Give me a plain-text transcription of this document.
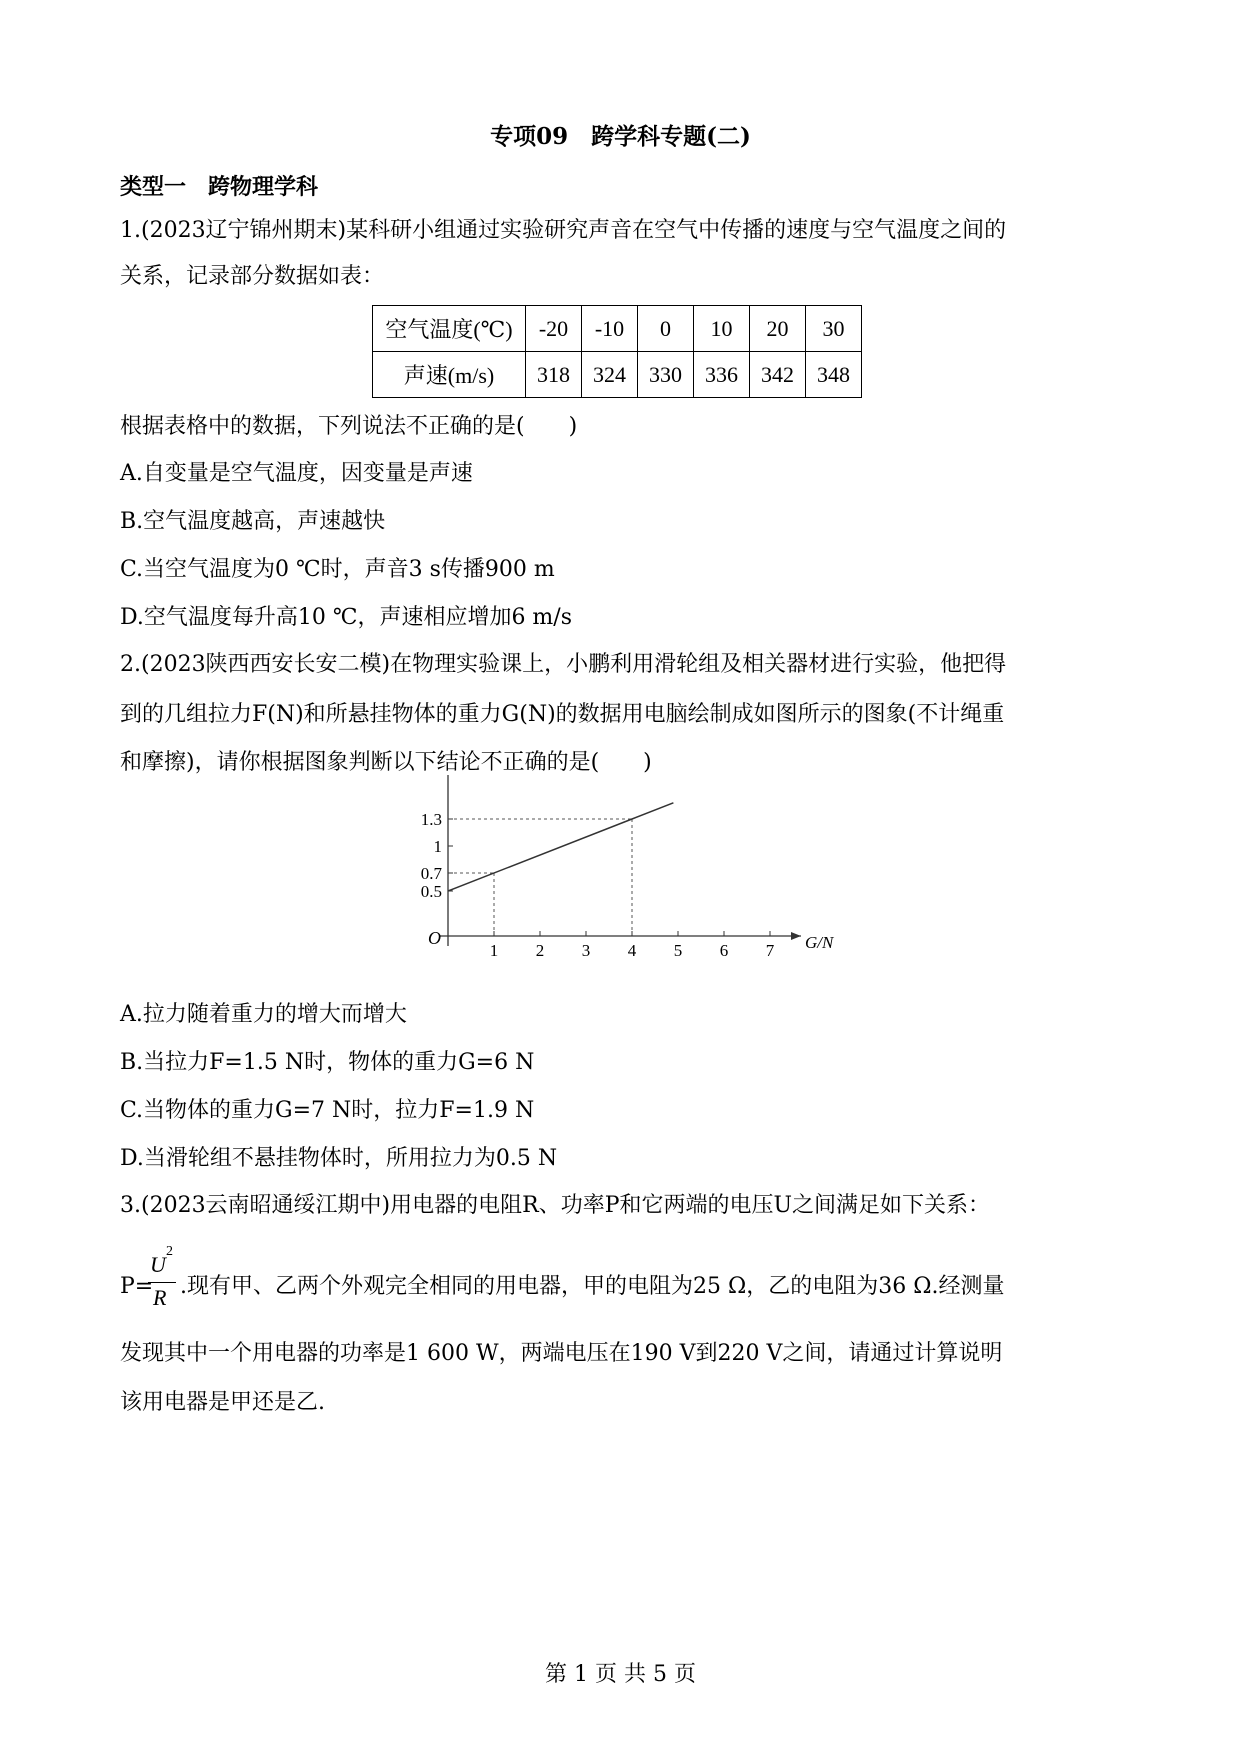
专项09　跨学科专题(二)
类型一　跨物理学科
1.(2023辽宁锦州期末)某科研小组通过实验研究声音在空气中传播的速度与空气温度之间的
关系，记录部分数据如表：
空气温度(℃)	-20	-10	0	10	20	30
声速(m/s)	318	324	330	336	342	348
根据表格中的数据，下列说法不正确的是(　　)
A.自变量是空气温度，因变量是声速
B.空气温度越高，声速越快
C.当空气温度为0 ℃时，声音3 s传播900 m
D.空气温度每升高10 ℃，声速相应增加6 m/s
2.(2023陕西西安长安二模)在物理实验课上，小鹏利用滑轮组及相关器材进行实验，他把得
到的几组拉力F(N)和所悬挂物体的重力G(N)的数据用电脑绘制成如图所示的图象(不计绳重
和摩擦)，请你根据图象判断以下结论不正确的是(　　)
G/N
O
1 2 3 4 5 6 7
0.5
0.7
1
1.3
A.拉力随着重力的增大而增大
B.当拉力F=1.5 N时，物体的重力G=6 N
C.当物体的重力G=7 N时，拉力F=1.9 N
D.当滑轮组不悬挂物体时，所用拉力为0.5 N
3.(2023云南昭通绥江期中)用电器的电阻R、功率P和它两端的电压U之间满足如下关系：
P=
U
2
R .现有甲、乙两个外观完全相同的用电器，甲的电阻为25 Ω，乙的电阻为36 Ω.经测量
发现其中一个用电器的功率是1 600 W，两端电压在190 V到220 V之间，请通过计算说明
该用电器是甲还是乙.
第 1 页 共 5 页
